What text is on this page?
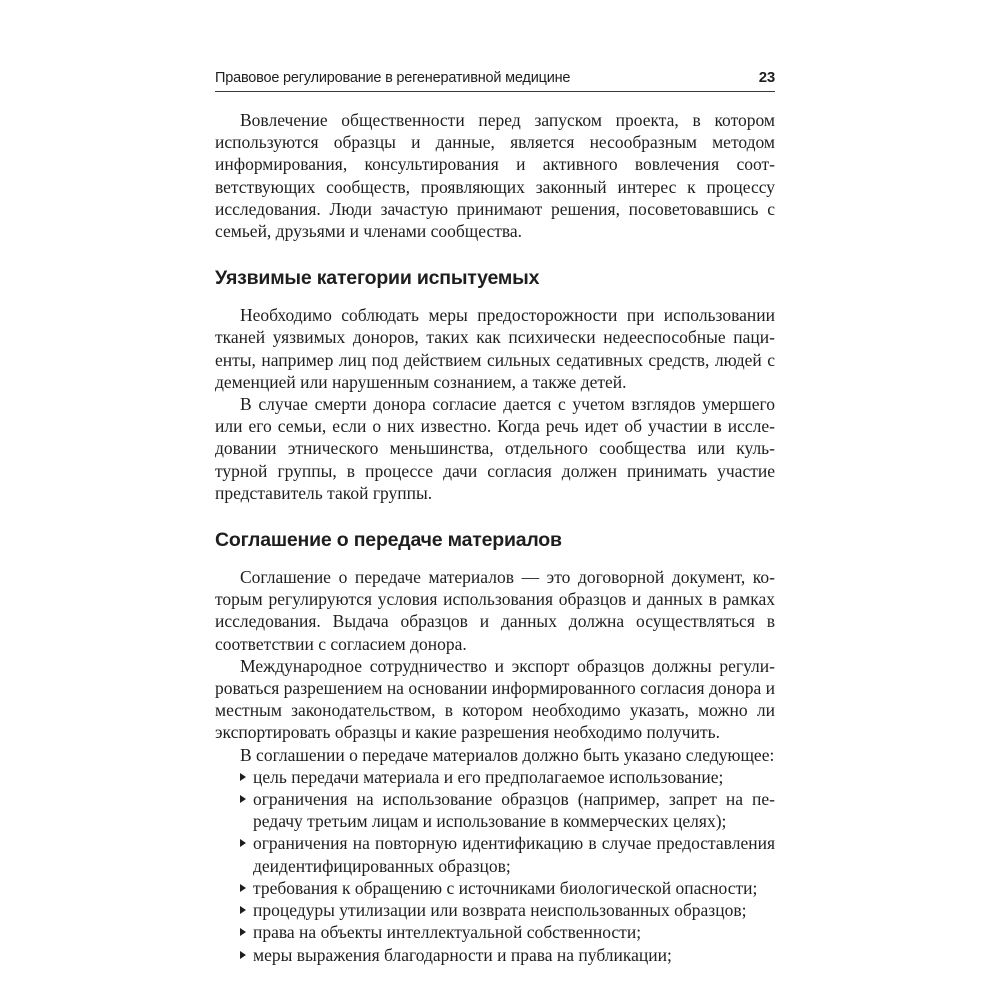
Правовое регулирование в регенеративной медицине	23

Вовлечение общественности перед запуском проекта, в котором используются образцы и данные, является несообразным методом информирования, консультирования и активного вовлечения соответствующих сообществ, проявляющих законный интерес к процессу исследования. Люди зачастую принимают решения, посоветовавшись с семьей, друзьями и членами сообщества.

Уязвимые категории испытуемых

Необходимо соблюдать меры предосторожности при использовании тканей уязвимых доноров, таких как психически недееспособные пациенты, например лиц под действием сильных седативных средств, людей с деменцией или нарушенным сознанием, а также детей.

В случае смерти донора согласие дается с учетом взглядов умершего или его семьи, если о них известно. Когда речь идет об участии в исследовании этнического меньшинства, отдельного сообщества или культурной группы, в процессе дачи согласия должен принимать участие представитель такой группы.

Соглашение о передаче материалов

Соглашение о передаче материалов — это договорной документ, которым регулируются условия использования образцов и данных в рамках исследования. Выдача образцов и данных должна осуществляться в соответствии с согласием донора.

Международное сотрудничество и экспорт образцов должны регулироваться разрешением на основании информированного согласия донора и местным законодательством, в котором необходимо указать, можно ли экспортировать образцы и какие разрешения необходимо получить.

В соглашении о передаче материалов должно быть указано следующее:

цель передачи материала и его предполагаемое использование;
ограничения на использование образцов (например, запрет на передачу третьим лицам и использование в коммерческих целях);
ограничения на повторную идентификацию в случае предоставления деидентифицированных образцов;
требования к обращению с источниками биологической опасности;
процедуры утилизации или возврата неиспользованных образцов;
права на объекты интеллектуальной собственности;
меры выражения благодарности и права на публикации;
